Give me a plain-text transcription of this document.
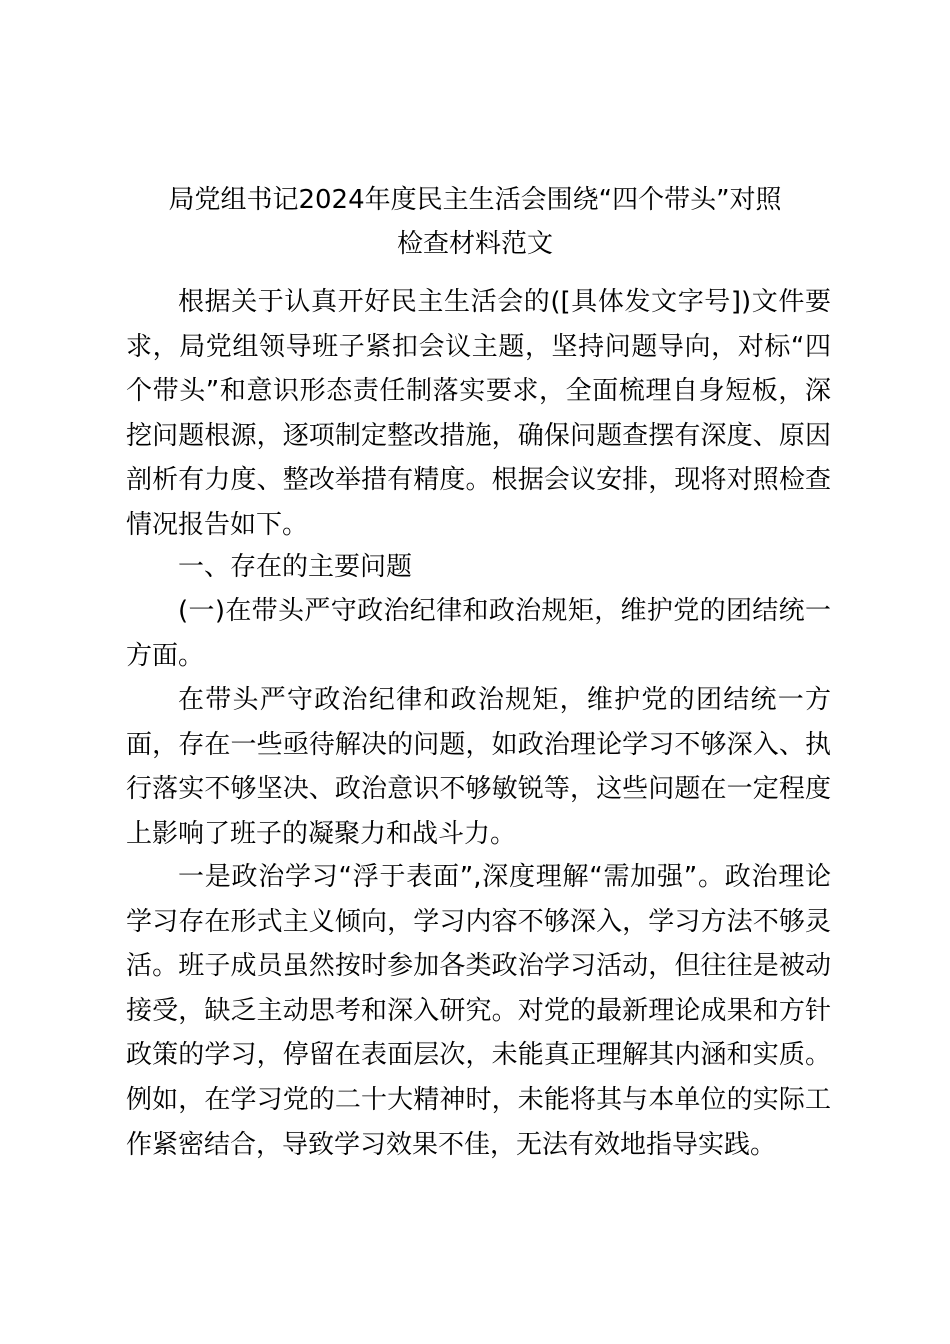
局党组书记2024年度民主生活会围绕“四个带头”对照
检查材料范文

根据关于认真开好民主生活会的([具体发文字号])文件要求，局党组领导班子紧扣会议主题，坚持问题导向，对标“四个带头”和意识形态责任制落实要求，全面梳理自身短板，深挖问题根源，逐项制定整改措施，确保问题查摆有深度、原因剖析有力度、整改举措有精度。根据会议安排，现将对照检查情况报告如下。

一、存在的主要问题

(一)在带头严守政治纪律和政治规矩，维护党的团结统一方面。

在带头严守政治纪律和政治规矩，维护党的团结统一方面，存在一些亟待解决的问题，如政治理论学习不够深入、执行落实不够坚决、政治意识不够敏锐等，这些问题在一定程度上影响了班子的凝聚力和战斗力。

一是政治学习“浮于表面”,深度理解“需加强”。政治理论学习存在形式主义倾向，学习内容不够深入，学习方法不够灵活。班子成员虽然按时参加各类政治学习活动，但往往是被动接受，缺乏主动思考和深入研究。对党的最新理论成果和方针政策的学习，停留在表面层次，未能真正理解其内涵和实质。例如，在学习党的二十大精神时，未能将其与本单位的实际工作紧密结合，导致学习效果不佳，无法有效地指导实践。
